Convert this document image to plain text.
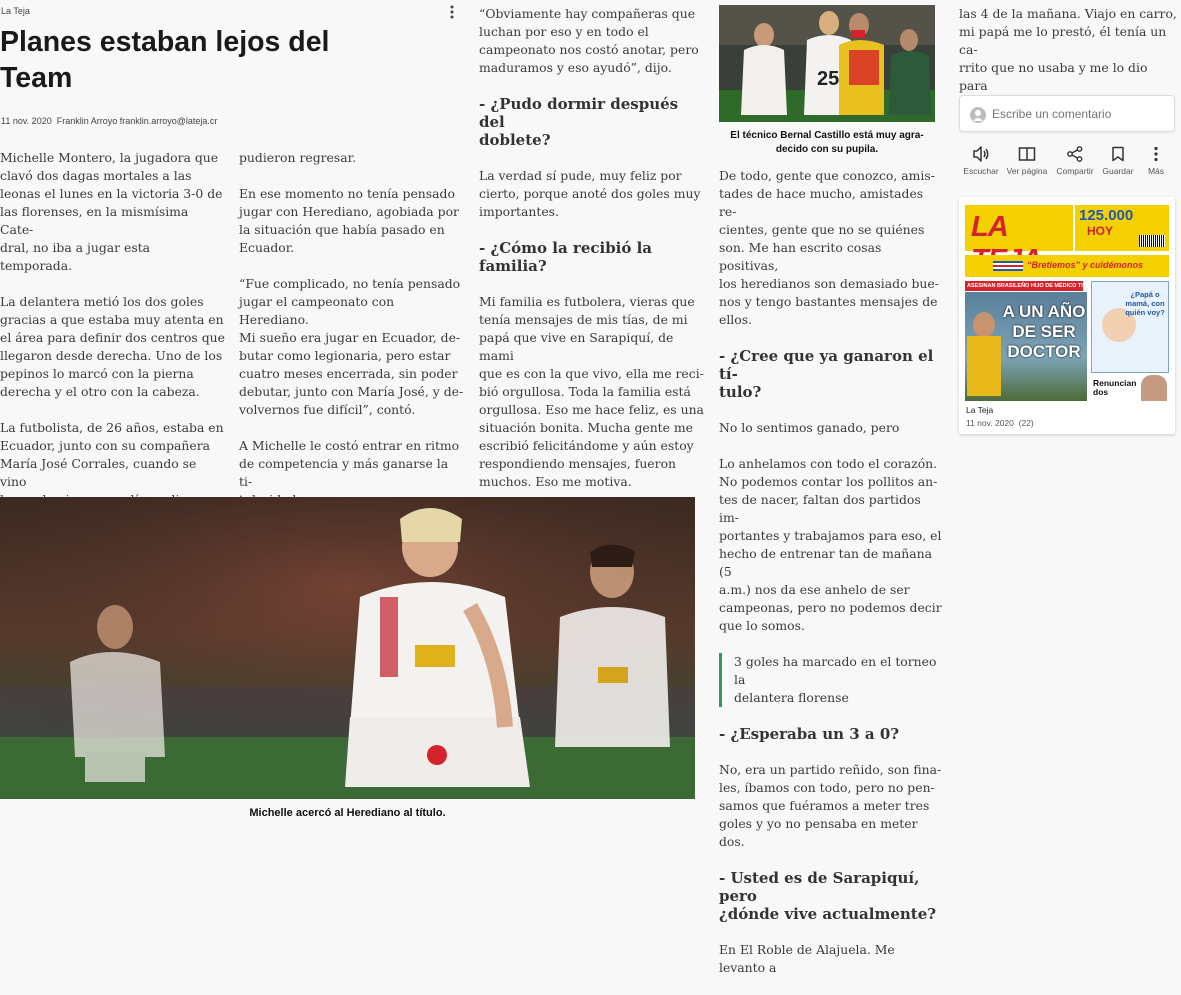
La Teja
Planes estaban lejos del Team
11 nov. 2020 Franklin Arroyo franklin.arroyo@lateja.cr

Michelle Montero, la jugadora que
clavó dos dagas mortales a las
leonas el lunes en la victoria 3-0 de
las florenses, en la mismísima Cate-
dral, no iba a jugar esta temporada.

La delantera metió los dos goles
gracias a que estaba muy atenta en
el área para definir dos centros que
llegaron desde derecha. Uno de los
pepinos lo marcó con la pierna
derecha y el otro con la cabeza.

La futbolista, de 26 años, estaba en
Ecuador, junto con su compañera
María José Corrales, cuando se vino

pudieron regresar.

En ese momento no tenía pensado
jugar con Herediano, agobiada por
la situación que había pasado en
Ecuador.

“Fue complicado, no tenía pensado
jugar el campeonato con Herediano.
Mi sueño era jugar en Ecuador, de-
butar como legionaria, pero estar
cuatro meses encerrada, sin poder
debutar, junto con María José, y de-
volvernos fue difícil”, contó.

A Michelle le costó entrar en ritmo
de competencia y más ganarse la ti-

“Obviamente hay compañeras que
luchan por eso y en todo el
campeonato nos costó anotar, pero
maduramos y eso ayudó”, dijo.

- ¿Pudo dormir después del
doblete?

La verdad sí pude, muy feliz por
cierto, porque anoté dos goles muy
importantes.

- ¿Cómo la recibió la familia?

Mi familia es futbolera, vieras que
tenía mensajes de mis tías, de mi
papá que vive en Sarapiquí, de mami
que es con la que vivo, ella me reci-
bió orgullosa. Toda la familia está
orgullosa. Eso me hace feliz, es una
situación bonita. Mucha gente me
escribió felicitándome y aún estoy
respondiendo mensajes, fueron
muchos. Eso me motiva.

Michelle acercó al Herediano al título.
25
El técnico Bernal Castillo está muy agra- decido con su pupila.

De todo, gente que conozco, amis-
tades de hace mucho, amistades re-
cientes, gente que no se quiénes
son. Me han escrito cosas positivas,
los heredianos son demasiado bue-
nos y tengo bastantes mensajes de
ellos.

- ¿Cree que ya ganaron el tí-
tulo?

No lo sentimos ganado, pero

Lo anhelamos con todo el corazón.
No podemos contar los pollitos an-
tes de nacer, faltan dos partidos im-
portantes y trabajamos para eso, el
hecho de entrenar tan de mañana (5
a.m.) nos da ese anhelo de ser
campeonas, pero no podemos decir
que lo somos.

3 goles ha marcado en el torneo la
delantera florense
- ¿Esperaba un 3 a 0?

No, era un partido reñido, son fina-
les, íbamos con todo, pero no pen-
samos que fuéramos a meter tres
goles y yo no pensaba en meter dos.

- Usted es de Sarapiquí, pero
¿dónde vive actualmente?

En El Roble de Alajuela. Me levanto a

las 4 de la mañana. Viajo en carro,
mi papá me lo prestó, él tenía un ca-
rrito que no usaba y me lo dio para

Escribe un comentario
Escuchar Ver página	Compartir	Guardar	Más
LA	125.000
HOY
“Bretiemos” y cuidémonos
ASESINAN BRASILEÑO HIJO DE MÉDICO TICO
A UN AÑO DE SER DOCTOR
¿Papá o mamá, con quién voy?
Renuncian dos
La Teja
11 nov. 2020 (22)
